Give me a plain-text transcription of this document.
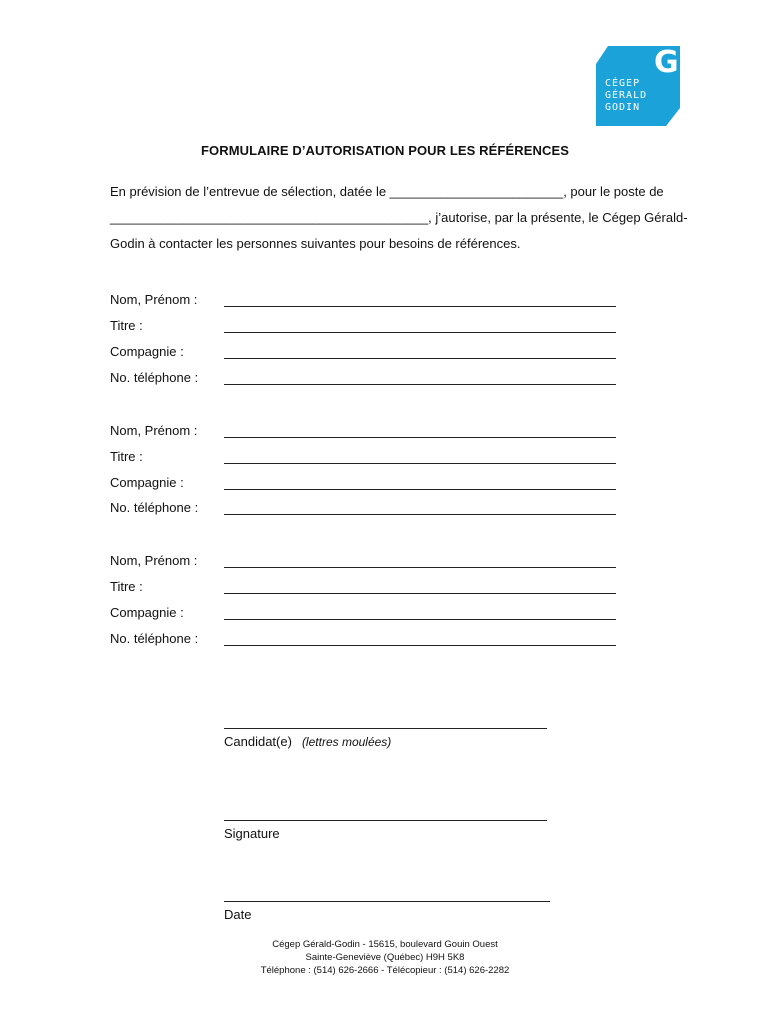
G
CÉGEP
GÉRALD
GODIN
FORMULAIRE D’AUTORISATION POUR LES RÉFÉRENCES
En prévision de l’entrevue de sélection, datée le ________________________, pour le poste de
____________________________________________, j’autorise, par la présente, le Cégep Gérald-
Godin à contacter les personnes suivantes pour besoins de références.
Nom, Prénom :
Titre :
Compagnie :
No. téléphone :
Nom, Prénom :
Titre :
Compagnie :
No. téléphone :
Nom, Prénom :
Titre :
Compagnie :
No. téléphone :
Candidat(e) (lettres moulées)
Signature
Date
Cégep Gérald-Godin - 15615, boulevard Gouin Ouest
Sainte-Geneviève (Québec) H9H 5K8
Téléphone : (514) 626-2666 - Télécopieur : (514) 626-2282
